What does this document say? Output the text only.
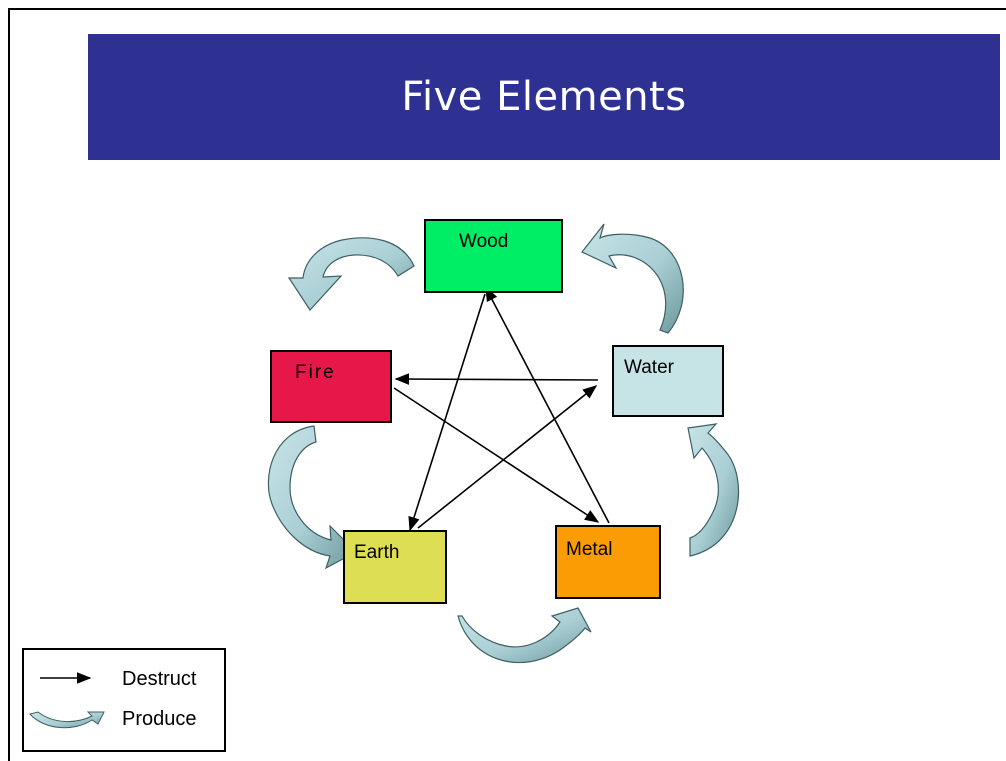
Five Elements
Wood
Fire	Water
Earth	Metal
Destruct
Produce
